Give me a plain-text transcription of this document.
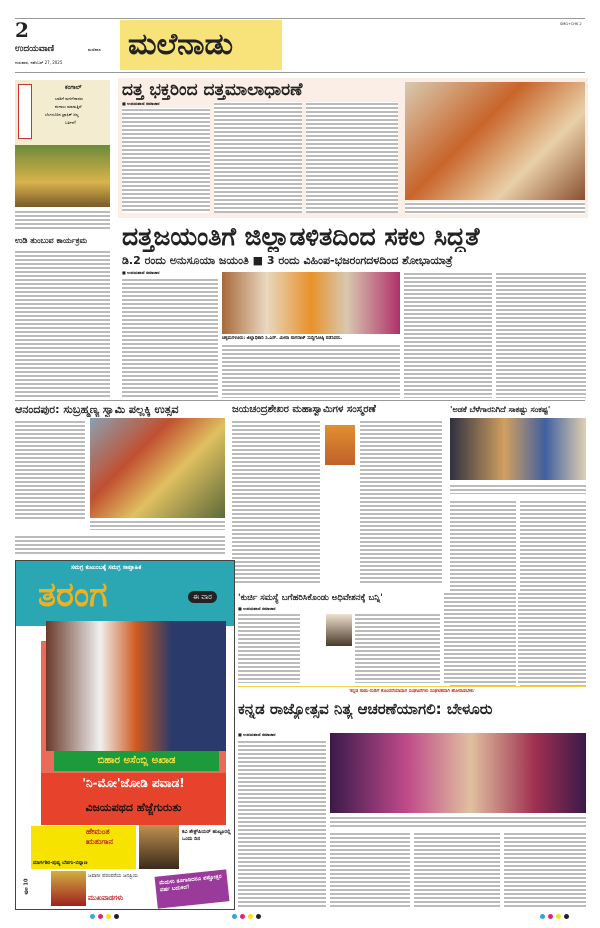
2
ಉದಯವಾಣಿ	ಮಣಿಪಾಲ
ಗುರುವಾರ, ನವೆಂಬರ್ 27, 2025
ಮಲೆನಾಡು
SMG+CHK 2
ಕಂಗಾಲ್
ಬಾಡಿಗೆ ಮಳಿಗೆದಾರರು
ಕಂಗಾಲು ಮಾಡುತ್ತಿದೆ
ಬೆಂಗಳೂರಿನ ಟ್ರಾಫಿಕ್ ಅಲ್ಲ
ಬರ್ತಿದೆ!
ಉಡಿ ತುಂಬುವ ಕಾರ್ಯಕ್ರಮ
ದತ್ತ ಭಕ್ತರಿಂದ ದತ್ತಮಾಲಾಧಾರಣೆ
■ ಉದಯವಾಣಿ ಸಮಾಚಾರ
ದತ್ತಜಯಂತಿಗೆ ಜಿಲ್ಲಾಡಳಿತದಿಂದ ಸಕಲ ಸಿದ್ಧತೆ
ಡಿ.2 ರಂದು ಅನುಸೂಯಾ ಜಯಂತಿ ■ 3 ರಂದು ವಿಹಿಂಪ-ಭಜರಂಗದಳದಿಂದ ಶೋಭಾಯಾತ್ರೆ
■ ಉದಯವಾಣಿ ಸಮಾಚಾರ
ಚಿಕ್ಕಮಗಳೂರು: ಜಿಲ್ಲಾಧಿಕಾರಿ ಸಿ.ಎನ್. ಮೀನಾ ನಾಗರಾಜ್ ಸುದ್ದಿಗೋಷ್ಠಿ ನಡೆಸಿದರು.
ಆನಂದಪುರ: ಸುಬ್ರಹ್ಮಣ್ಯ ಸ್ವಾಮಿ ಪಲ್ಲಕ್ಕಿ ಉತ್ಸವ	ಜಯಚಂದ್ರಶೇಖರ ಮಹಾಸ್ವಾಮಿಗಳ ಸಂಸ್ಮರಣೆ	'ಅಡಕೆ ಬೆಳೆಗಾರನಿಗಿದೆ ಸಾಕಷ್ಟು ಸಂಕಷ್ಟ'
ಸಮಗ್ರ ಕುಟುಂಬಕ್ಕೆ ಸಮಗ್ರ ಸಾಪ್ತಾಹಿಕ
ತರಂಗ	ಈ ವಾರ
ಬಿಹಾರ ಅಸೆಂಬ್ಲಿ ಅಖಾಡ
'ನಿ-ಮೋ'ಜೋಡಿ ಪವಾಡ!
ವಿಜಯಪಥದ ಹೆಜ್ಜೆಗುರುತು
ಹೇಮಂತ ಋತುಗಾನ
ಮಾರ್ಗಶಿರ-ಪುಷ್ಯ ಬೆಡಗು-ಬಿನ್ನಾಣ
ಕವಿ ಶೇಕ್ಸ್‌ಪಿಯರ್ ಹುಟ್ಟೂರಲ್ಲಿ ಒಂದು ದಿನ
ಪುಟ 10
ಜಪಾನೀ ಪರಂಪರೆಯ ಜನಪ್ರಿಯ
ಮುಖವಾಡಗಳು
ಮೆದುಳು ತೂಗಾಡಿದರೂ ಪಶ್ಚೋತ್ತರ ವರ್ಷ ಬದುಕಿದ!
'ಕುರ್ಚಿ ಸಮಸ್ಯೆ ಬಗೆಹರಿಸಿಕೊಂಡು ಅಧಿವೇಶನಕ್ಕೆ ಬನ್ನಿ'
■ ಉದಯವಾಣಿ ಸಮಾಚಾರ
'ಕನ್ನಡ ನಾಡು-ನುಡಿಗೆ ತೊಂದರೆಯಾದಾಗ ಸಂಘಟನೆಗಳು ಸಂಘಟಿತವಾಗಿ ಹೋರಾಡಬೇಕು'
ಕನ್ನಡ ರಾಜ್ಯೋತ್ಸವ ನಿತ್ಯ ಆಚರಣೆಯಾಗಲಿ: ಬೇಳೂರು
■ ಉದಯವಾಣಿ ಸಮಾಚಾರ
